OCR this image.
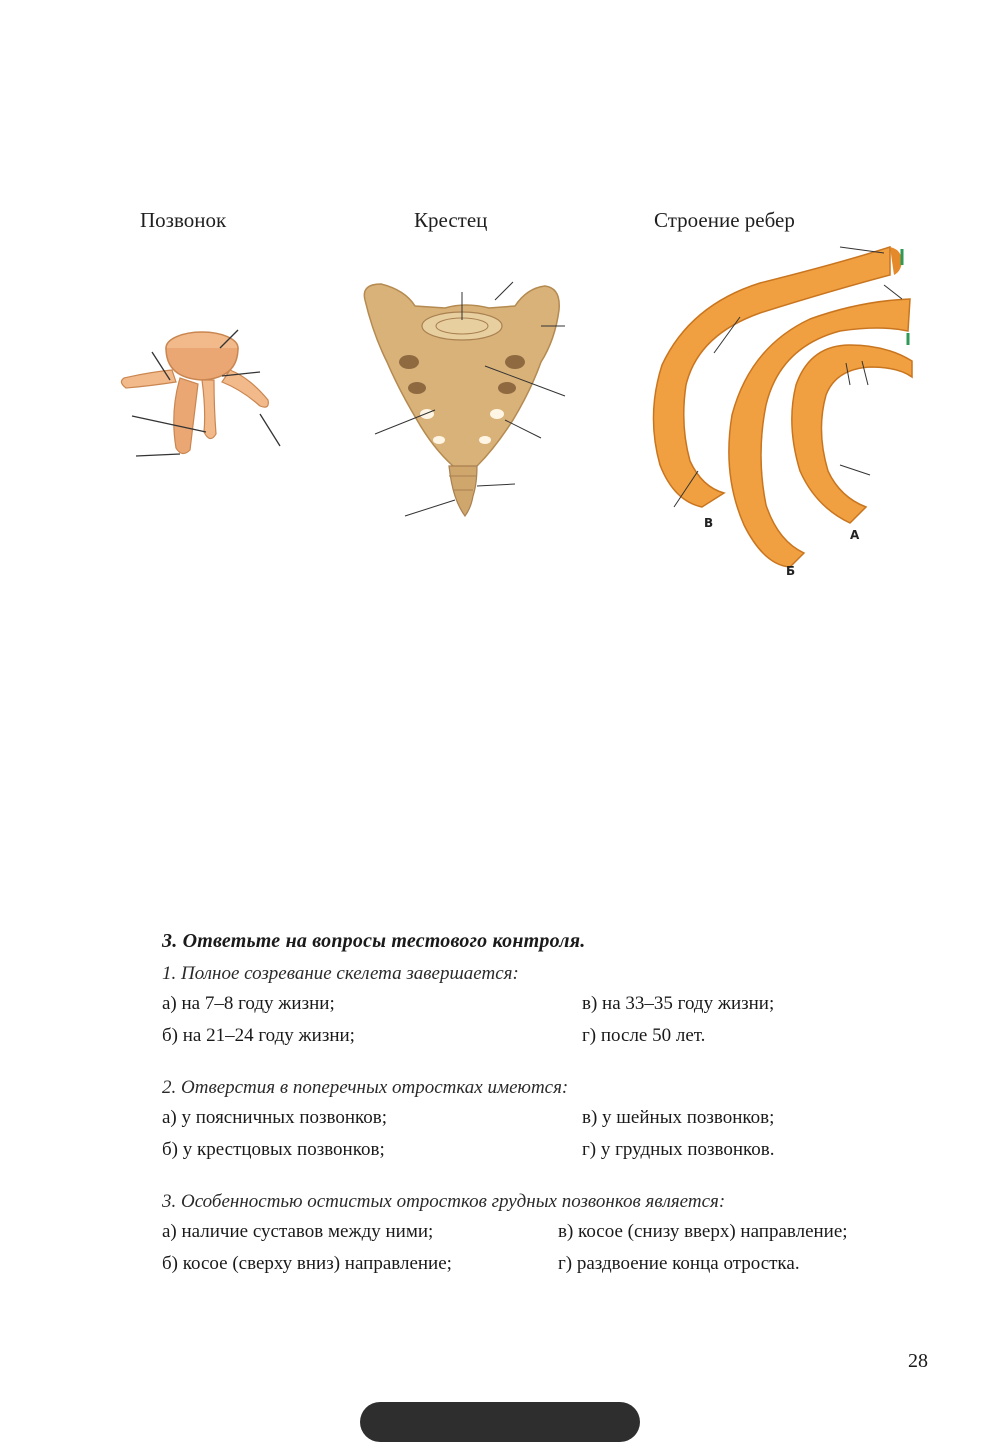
Позвонок	Крестец	Строение ребер
В
Б
А
3. Ответьте на вопросы тестового контроля.
1. Полное созревание скелета завершается:
а) на 7–8 году жизни;	в) на 33–35 году жизни;
б) на 21–24 году жизни;	г) после 50 лет.
2. Отверстия в поперечных отростках имеются:
а) у поясничных позвонков;	в) у шейных позвонков;
б) у крестцовых позвонков;	г) у грудных позвонков.
3. Особенностью остистых отростков грудных позвонков является:
а) наличие суставов между ними;	в) косое (снизу вверх) направление;
б) косое (сверху вниз) направление;	г) раздвоение конца отростка.
28
